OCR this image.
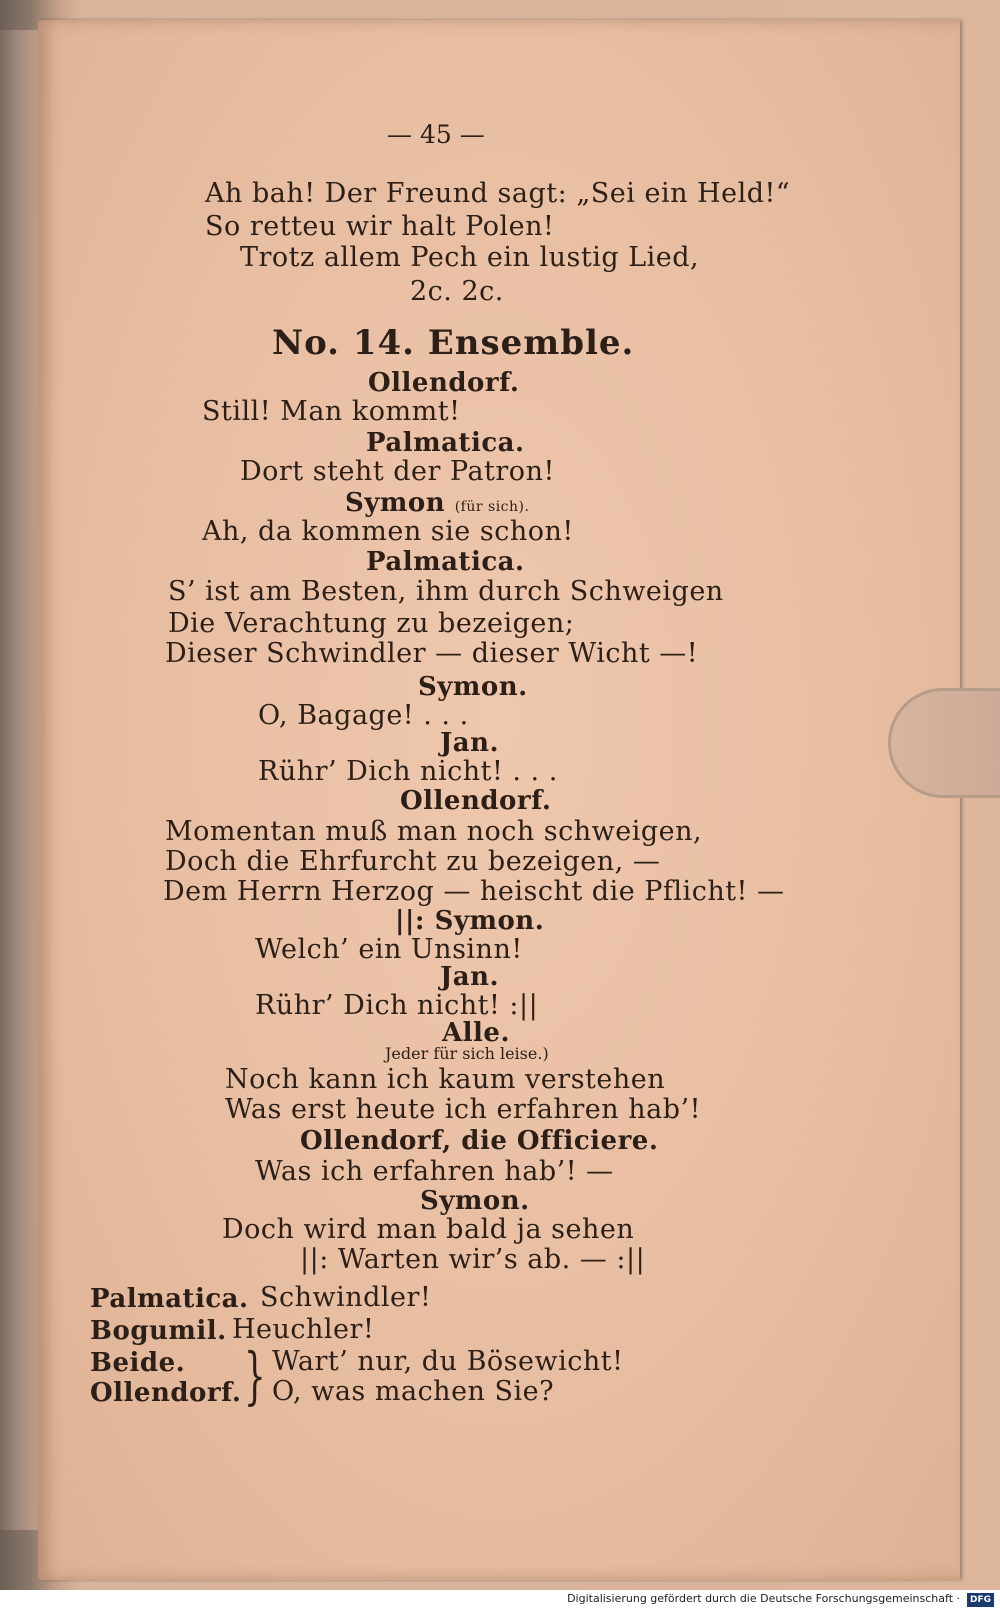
— 45 —
Ah bah! Der Freund sagt: „Sei ein Held!“
So retteu wir halt Polen!
Trotz allem Pech ein lustig Lied,
2c. 2c.
No. 14. Ensemble.
Ollendorf.
Still! Man kommt!
Palmatica.
Dort steht der Patron!
Symon (für sich).
Ah, da kommen sie schon!
Palmatica.
S’ ist am Besten, ihm durch Schweigen
Die Verachtung zu bezeigen;
Dieser Schwindler — dieser Wicht —!
Symon.
O, Bagage! . . .
Jan.
Rühr’ Dich nicht! . . .
Ollendorf.
Momentan muß man noch schweigen,
Doch die Ehrfurcht zu bezeigen, —
Dem Herrn Herzog — heischt die Pflicht! —
||: Symon.
Welch’ ein Unsinn!
Jan.
Rühr’ Dich nicht! :||
Alle.
Jeder für sich leise.)
Noch kann ich kaum verstehen
Was erst heute ich erfahren hab’!
Ollendorf, die Officiere.
Was ich erfahren hab’! —
Symon.
Doch wird man bald ja sehen
||: Warten wir’s ab. — :||
Palmatica. Schwindler!
Bogumil. Heuchler!
Beide. } Wart’ nur, du Bösewicht!
Ollendorf. O, was machen Sie?
Digitalisierung gefördert durch die Deutsche Forschungsgemeinschaft ·	DFG
